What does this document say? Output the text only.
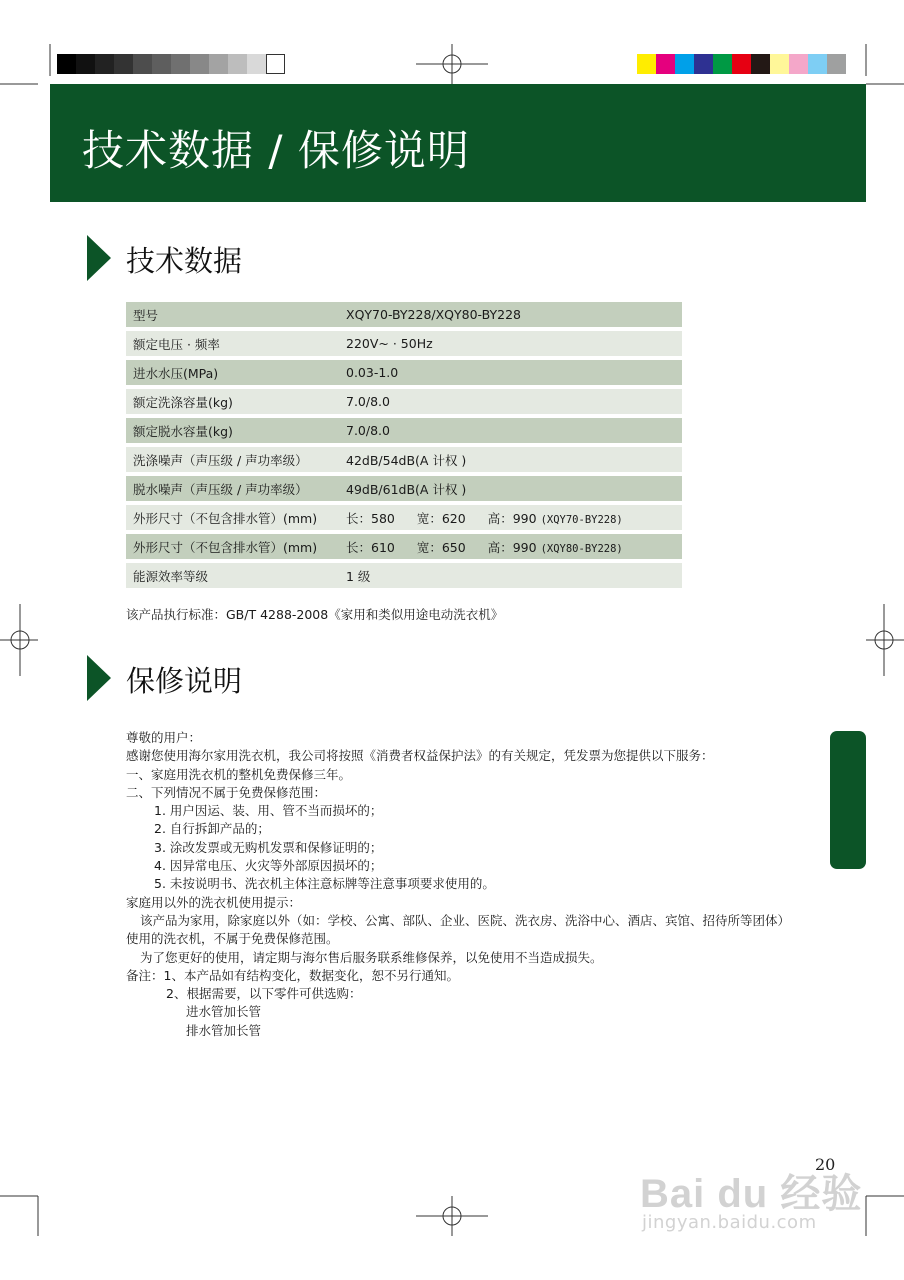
技术数据 / 保修说明
技术数据
型号	XQY70-BY228/XQY80-BY228
额定电压 · 频率	220V~ · 50Hz
进水水压(MPa)	0.03-1.0
额定洗涤容量(kg)	7.0/8.0
额定脱水容量(kg)	7.0/8.0
洗涤噪声（声压级 / 声功率级）	42dB/54dB(A 计权 )
脱水噪声（声压级 / 声功率级）	49dB/61dB(A 计权 )
外形尺寸（不包含排水管）(mm)	长：580 宽：620 高：990 (XQY70-BY228)
外形尺寸（不包含排水管）(mm)	长：610 宽：650 高：990 (XQY80-BY228)
能源效率等级	1 级
该产品执行标准：GB/T 4288-2008《家用和类似用途电动洗衣机》
保修说明
尊敬的用户：
感谢您使用海尔家用洗衣机，我公司将按照《消费者权益保护法》的有关规定，凭发票为您提供以下服务：
一、家庭用洗衣机的整机免费保修三年。
二、下列情况不属于免费保修范围：
1. 用户因运、装、用、管不当而损坏的；
2. 自行拆卸产品的；
3. 涂改发票或无购机发票和保修证明的；
4. 因异常电压、火灾等外部原因损坏的；
5. 未按说明书、洗衣机主体注意标牌等注意事项要求使用的。
家庭用以外的洗衣机使用提示：
该产品为家用，除家庭以外（如：学校、公寓、部队、企业、医院、洗衣房、洗浴中心、酒店、宾馆、招待所等团体）
使用的洗衣机，不属于免费保修范围。
为了您更好的使用，请定期与海尔售后服务联系维修保养，以免使用不当造成损失。
备注：1、本产品如有结构变化，数据变化，恕不另行通知。
2、根据需要，以下零件可供选购：
进水管加长管
排水管加长管
20
Bai du 经验
jingyan.baidu.com
